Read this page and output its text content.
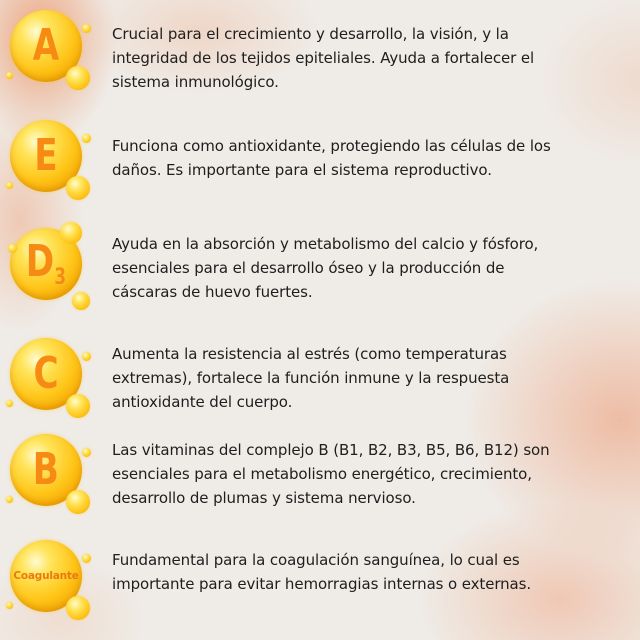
A	Crucial para el crecimiento y desarrollo, la visión, y la
integridad de los tejidos epiteliales. Ayuda a fortalecer el
sistema inmunológico.
E	Funciona como antioxidante, protegiendo las células de los
daños. Es importante para el sistema reproductivo.
$D_3$
Ayuda en la absorción y metabolismo del calcio y fósforo,
esenciales para el desarrollo óseo y la producción de
cáscaras de huevo fuertes.
C	Aumenta la resistencia al estrés (como temperaturas
extremas), fortalece la función inmune y la respuesta
antioxidante del cuerpo.
B	Las vitaminas del complejo B (B1, B2, B3, B5, B6, B12) son
esenciales para el metabolismo energético, crecimiento,
desarrollo de plumas y sistema nervioso.
Coagulante
Fundamental para la coagulación sanguínea, lo cual es
importante para evitar hemorragias internas o externas.
